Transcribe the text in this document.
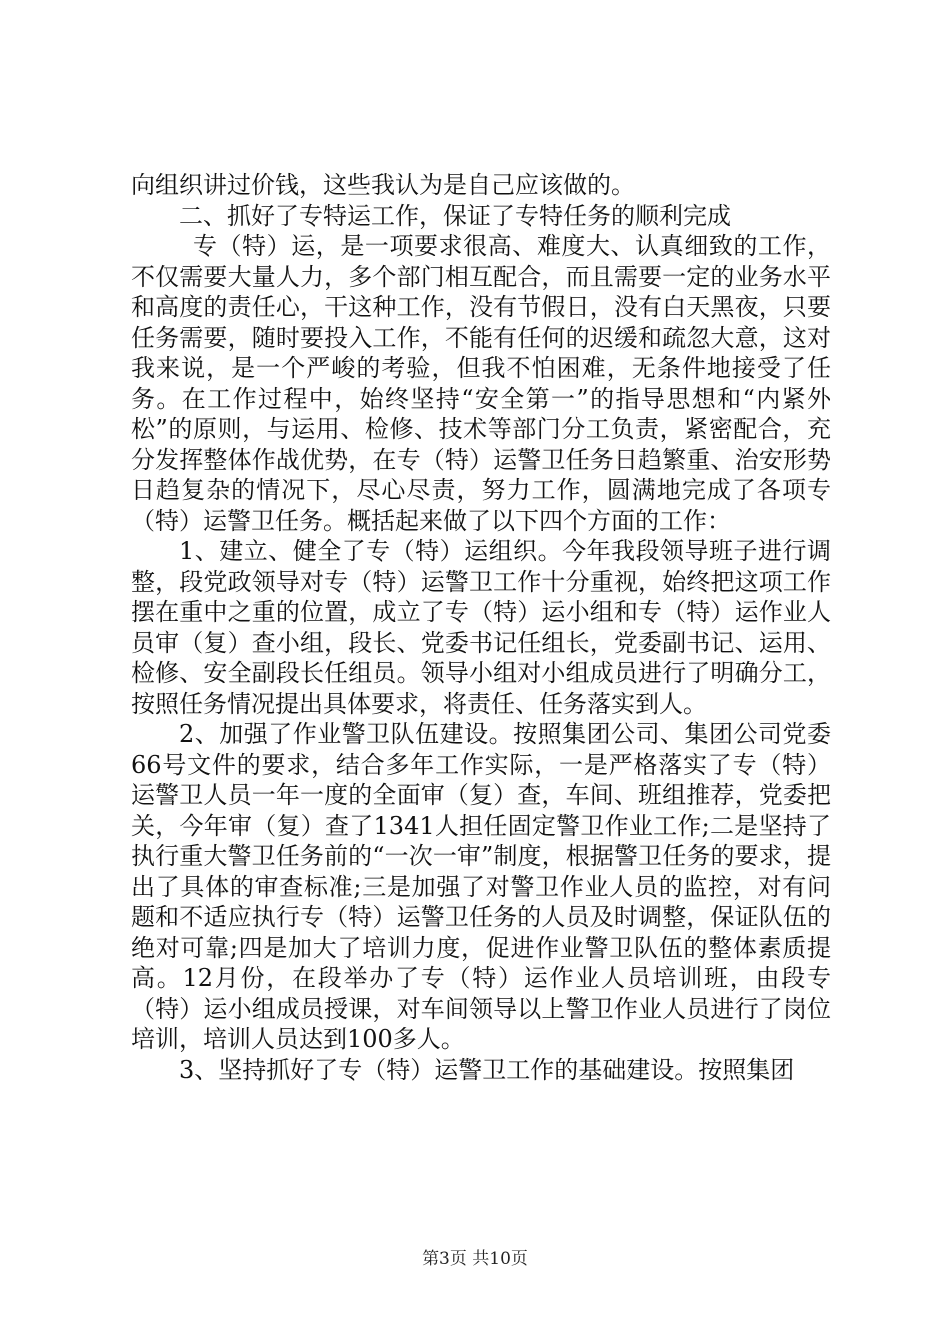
向组织讲过价钱，这些我认为是自己应该做的。

二、抓好了专特运工作，保证了专特任务的顺利完成

专（特）运，是一项要求很高、难度大、认真细致的工作，不仅需要大量人力，多个部门相互配合，而且需要一定的业务水平和高度的责任心，干这种工作，没有节假日，没有白天黑夜，只要任务需要，随时要投入工作，不能有任何的迟缓和疏忽大意，这对我来说，是一个严峻的考验，但我不怕困难，无条件地接受了任务。在工作过程中，始终坚持“安全第一”的指导思想和“内紧外松”的原则，与运用、检修、技术等部门分工负责，紧密配合，充分发挥整体作战优势，在专（特）运警卫任务日趋繁重、治安形势日趋复杂的情况下，尽心尽责，努力工作，圆满地完成了各项专（特）运警卫任务。概括起来做了以下四个方面的工作：

1、建立、健全了专（特）运组织。今年我段领导班子进行调整，段党政领导对专（特）运警卫工作十分重视，始终把这项工作摆在重中之重的位置，成立了专（特）运小组和专（特）运作业人员审（复）查小组，段长、党委书记任组长，党委副书记、运用、检修、安全副段长任组员。领导小组对小组成员进行了明确分工，按照任务情况提出具体要求，将责任、任务落实到人。

2、加强了作业警卫队伍建设。按照集团公司、集团公司党委66号文件的要求，结合多年工作实际，一是严格落实了专（特）运警卫人员一年一度的全面审（复）查，车间、班组推荐，党委把关，今年审（复）查了1341人担任固定警卫作业工作;二是坚持了执行重大警卫任务前的“一次一审”制度，根据警卫任务的要求，提出了具体的审查标准;三是加强了对警卫作业人员的监控，对有问题和不适应执行专（特）运警卫任务的人员及时调整，保证队伍的绝对可靠;四是加大了培训力度，促进作业警卫队伍的整体素质提高。12月份，在段举办了专（特）运作业人员培训班，由段专（特）运小组成员授课，对车间领导以上警卫作业人员进行了岗位培训，培训人员达到100多人。

3、坚持抓好了专（特）运警卫工作的基础建设。按照集团

第3页 共10页
